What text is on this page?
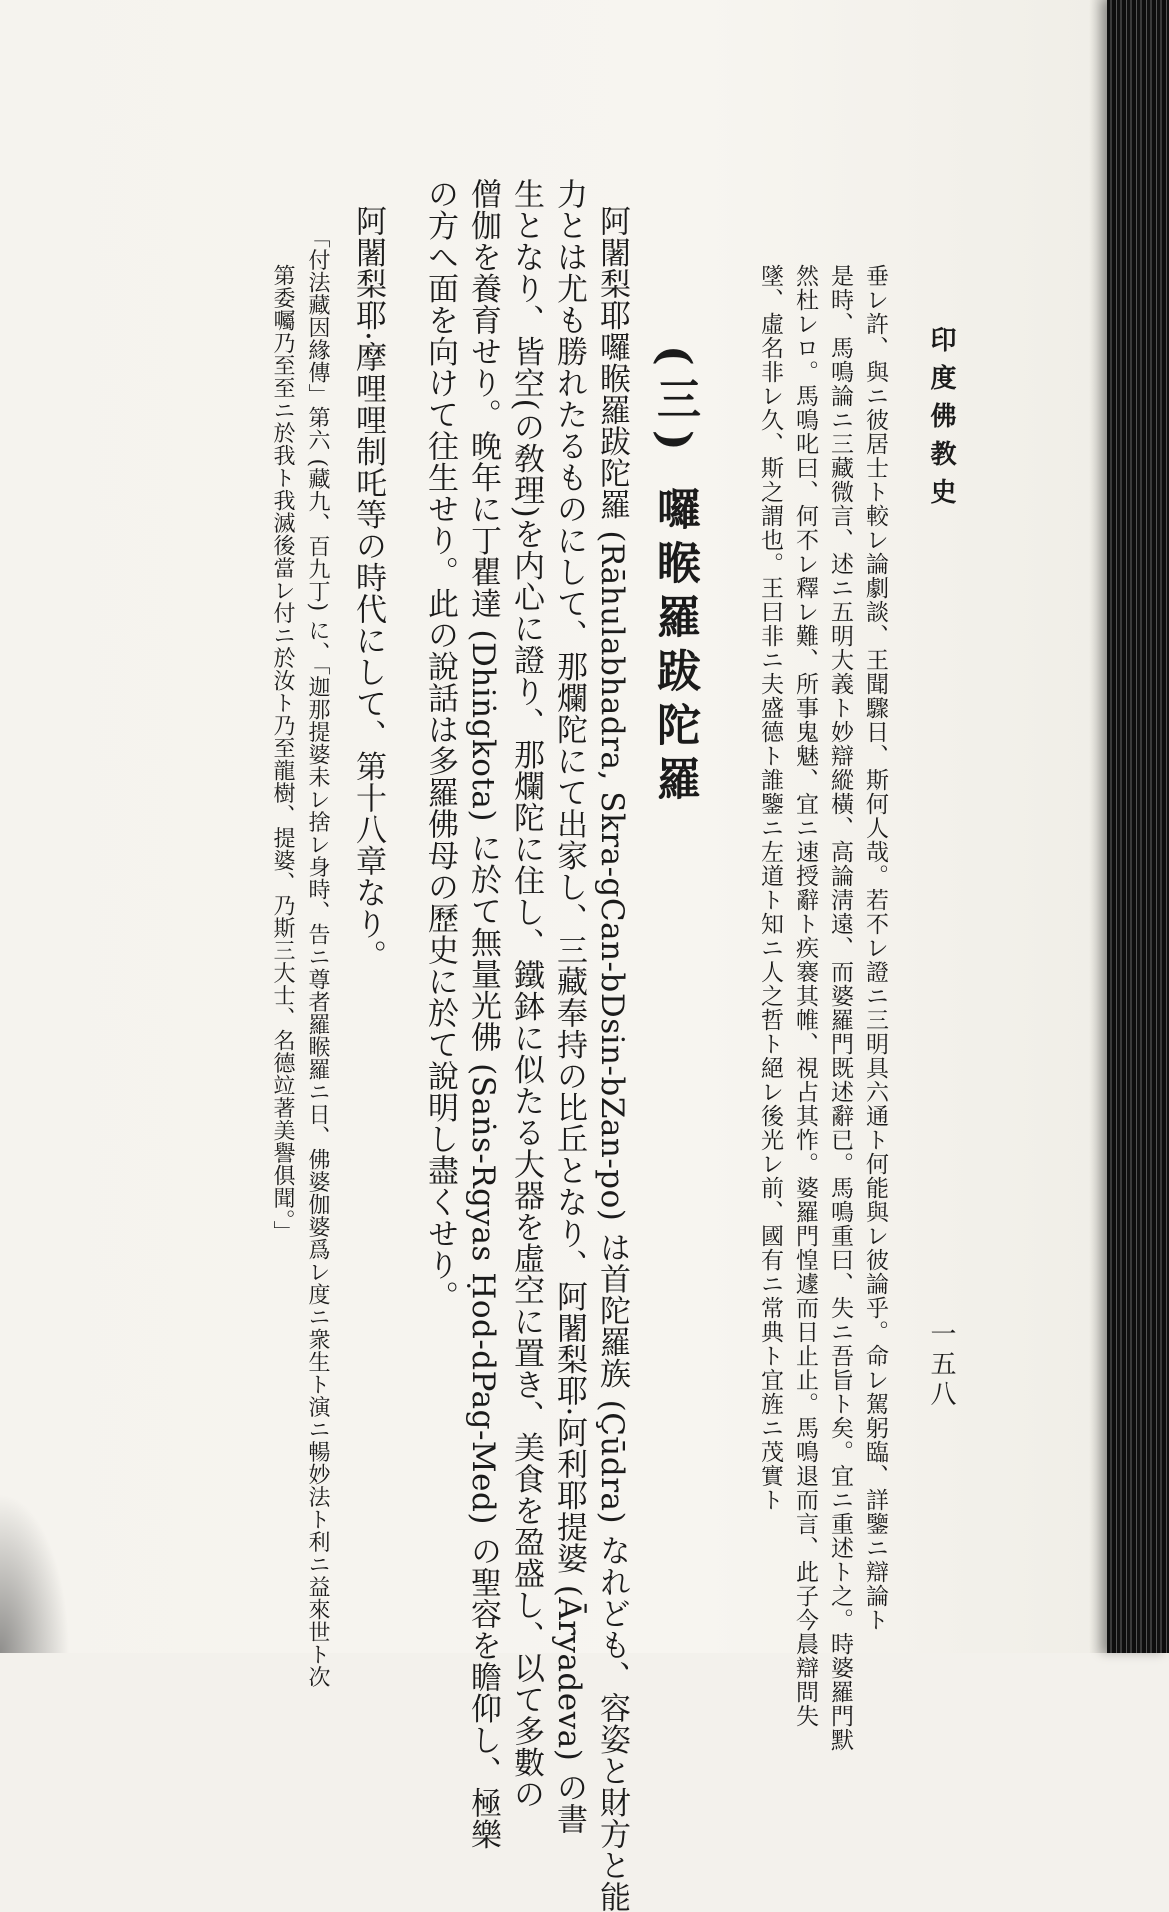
印度佛教史
一五八
垂レ許、與ニ彼居士ト較レ論劇談、王聞驟日、斯何人哉。若不レ證ニ三明具六通ト何能與レ彼論乎。命レ駕躬臨、詳鑒ニ辯論ト
是時、馬鳴論ニ三藏微言、述ニ五明大義ト妙辯縱橫、高論淸遠、而婆羅門既述辭已。馬鳴重曰、失ニ吾旨ト矣。宜ニ重述ト之。時婆羅門默
然杜レロ。馬鳴叱曰、何不レ釋レ難、所事鬼魅、宜ニ速授辭ト疾褰其帷、視占其怍。婆羅門惶遽而日止止。馬鳴退而言、此子今晨辯問失
墜、虛名非レ久、斯之謂也。王曰非ニ夫盛德ト誰鑒ニ左道ト知ニ人之哲ト絕レ後光レ前、國有ニ常典ト宜旌ニ茂實ト
(三) 囉睺羅跋陀羅
阿闍梨耶囉睺羅跋陀羅 (Rāhulabhadra, Skra-gCan-bDsin-bZan-po) は首陀羅族 (Çūdra) なれども、容姿と財方と能
力とは尤も勝れたるものにして、那爛陀にて出家し、三藏奉持の比丘となり、阿闍梨耶·阿利耶提婆 (Āryadeva) の書
生となり、皆空(の敎理)を内心に證り、那爛陀に住し、鐵鉢に似たる大器を虛空に置き、美食を盈盛し、以て多數の
僧伽を養育せり。晚年に丁瞿達 (Dhiṅgkota) に於て無量光佛 (Saṅs-Rgyas Ḥod-dPag-Med) の聖容を瞻仰し、極樂
の方へ面を向けて往生せり。此の說話は多羅佛母の歷史に於て說明し盡くせり。
阿闍梨耶·摩哩哩制吒等の時代にして、第十八章なり。
「付法藏因緣傳」第六 (藏九、百九丁) に、「迦那提婆未レ捨レ身時、告ニ尊者羅睺羅ニ日、佛婆伽婆爲レ度ニ衆生ト演ニ暢妙法ト利ニ益來世ト次
第委囑乃至至ニ於我ト我滅後當レ付ニ於汝ト乃至龍樹、提婆、乃斯三大士、名德竝著美譽俱聞。」
